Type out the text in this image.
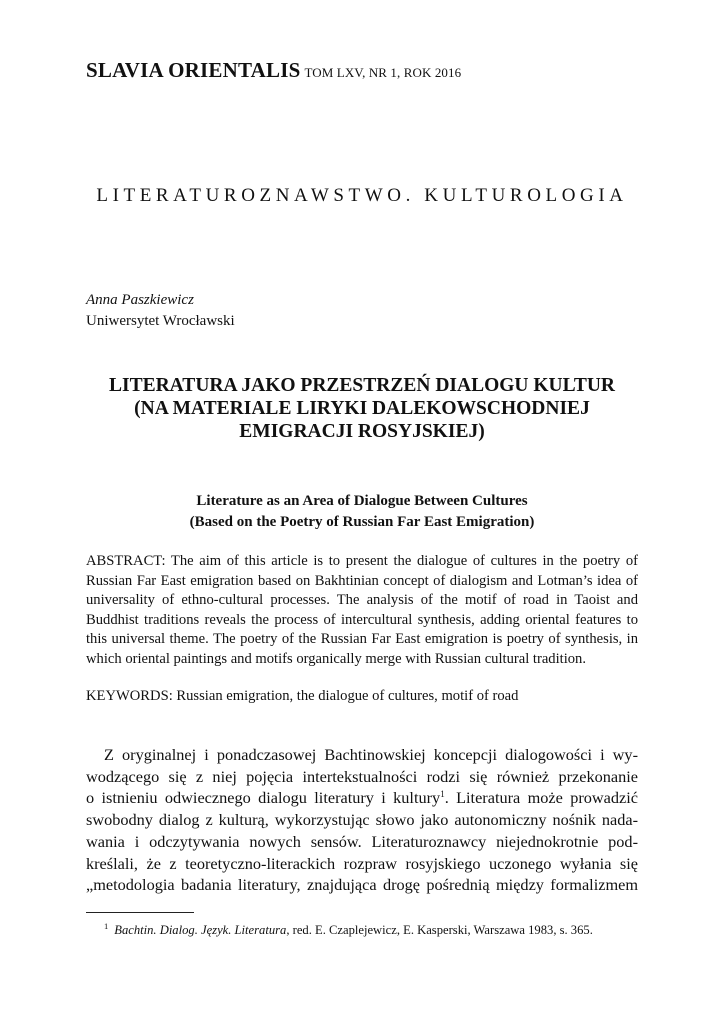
SLAVIA ORIENTALIS TOM LXV, NR 1, ROK 2016
LITERATUROZNAWSTWO. KULTUROLOGIA
Anna Paszkiewicz
Uniwersytet Wrocławski
LITERATURA JAKO PRZESTRZEŃ DIALOGU KULTUR
(NA MATERIALE LIRYKI DALEKOWSCHODNIEJ
EMIGRACJI ROSYJSKIEJ)
Literature as an Area of Dialogue Between Cultures
(Based on the Poetry of Russian Far East Emigration)
ABSTRACT: The aim of this article is to present the dialogue of cultures in the poetry of Russian Far East emigration based on Bakhtinian concept of dialogism and Lotman’s idea of universality of ethno-cultural processes. The analysis of the motif of road in Taoist and Buddhist traditions reveals the process of intercultural synthesis, adding oriental features to this universal theme. The poetry of the Russian Far East emigration is poetry of synthesis, in which oriental paintings and motifs organically merge with Russian cultural tradition.
KEYWORDS: Russian emigration, the dialogue of cultures, motif of road
Z oryginalnej i ponadczasowej Bachtinowskiej koncepcji dialogowości i wy-
wodzącego się z niej pojęcia intertekstualności rodzi się również przekonanie
o istnieniu odwiecznego dialogu literatury i kultury$^1$. Literatura może prowadzić
swobodny dialog z kulturą, wykorzystując słowo jako autonomiczny nośnik nada-
wania i odczytywania nowych sensów. Literaturoznawcy niejednokrotnie pod-
kreślali, że z teoretyczno-literackich rozpraw rosyjskiego uczonego wyłania się
„metodologia badania literatury, znajdująca drogę pośrednią między formalizmem
$^1$ Bachtin. Dialog. Język. Literatura, red. E. Czaplejewicz, E. Kasperski, Warszawa 1983, s. 365.
